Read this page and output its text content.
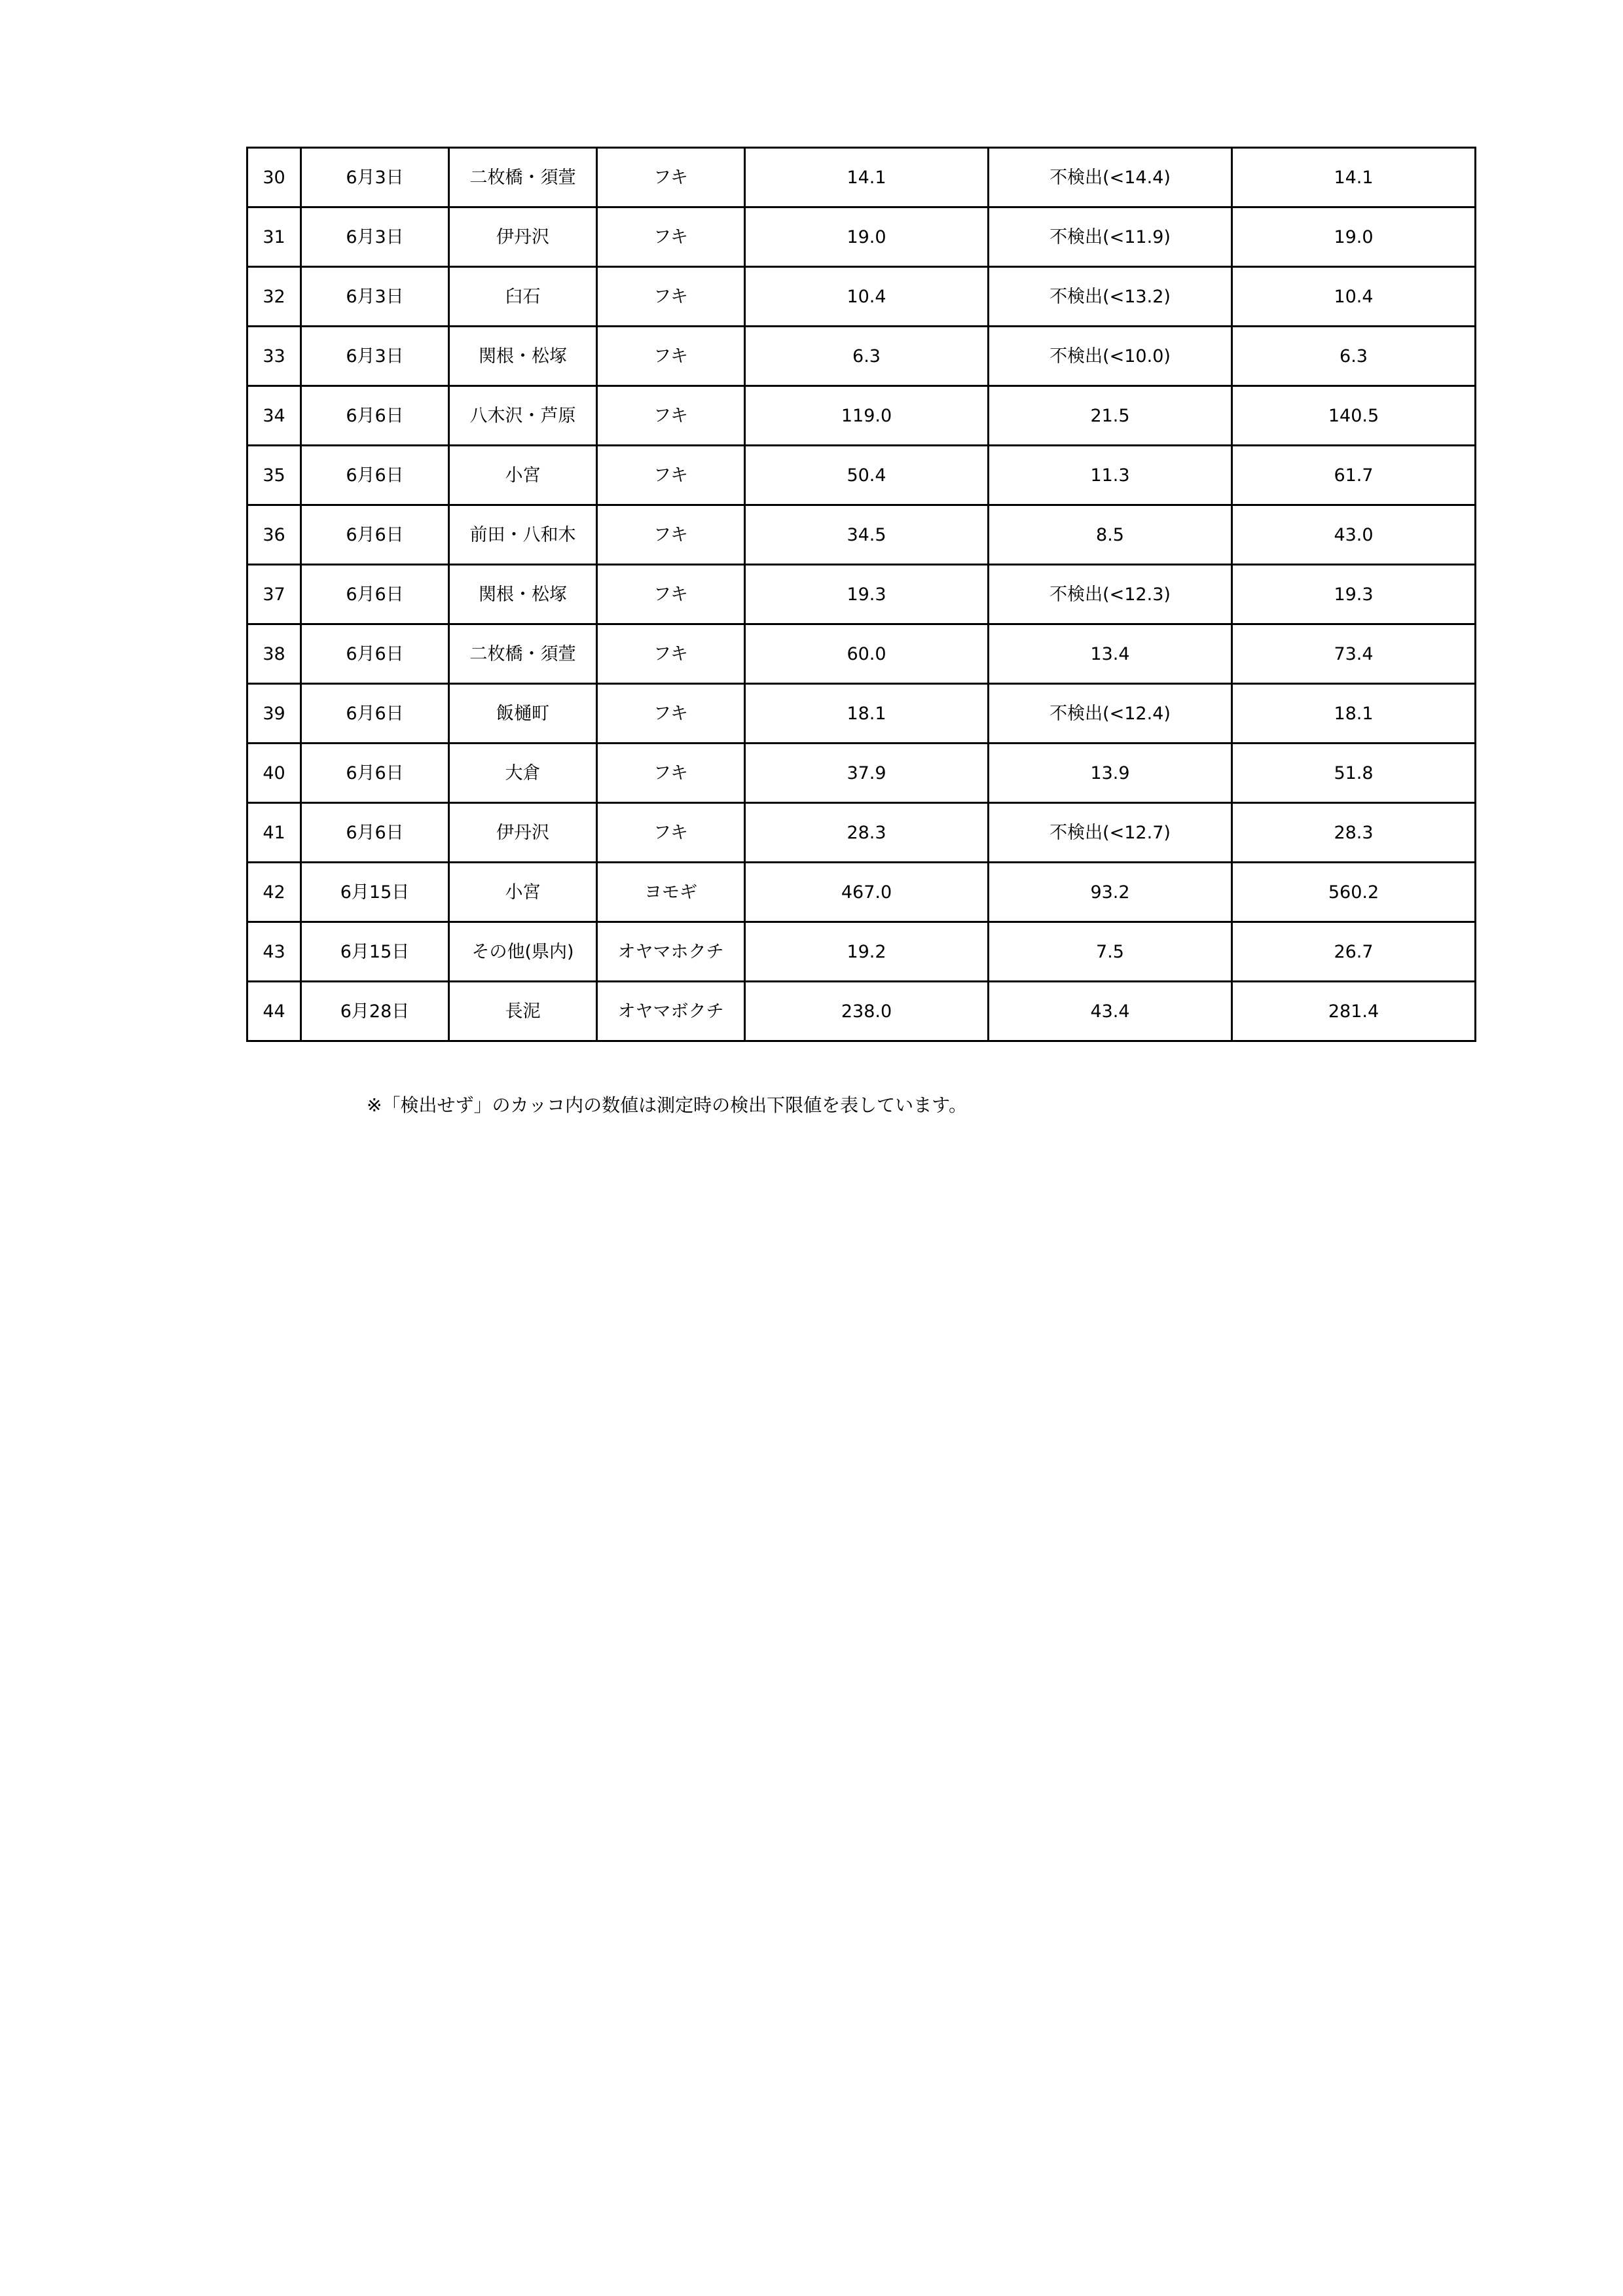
30	6月3日	二枚橋・須萱	フキ	14.1	不検出(<14.4)	14.1
31	6月3日	伊丹沢	フキ	19.0	不検出(<11.9)	19.0
32	6月3日	臼石	フキ	10.4	不検出(<13.2)	10.4
33	6月3日	関根・松塚	フキ	6.3	不検出(<10.0)	6.3
34	6月6日	八木沢・芦原	フキ	119.0	21.5	140.5
35	6月6日	小宮	フキ	50.4	11.3	61.7
36	6月6日	前田・八和木	フキ	34.5	8.5	43.0
37	6月6日	関根・松塚	フキ	19.3	不検出(<12.3)	19.3
38	6月6日	二枚橋・須萱	フキ	60.0	13.4	73.4
39	6月6日	飯樋町	フキ	18.1	不検出(<12.4)	18.1
40	6月6日	大倉	フキ	37.9	13.9	51.8
41	6月6日	伊丹沢	フキ	28.3	不検出(<12.7)	28.3
42	6月15日	小宮	ヨモギ	467.0	93.2	560.2
43	6月15日	その他(県内)	オヤマホクチ	19.2	7.5	26.7
44	6月28日	長泥	オヤマボクチ	238.0	43.4	281.4
※「検出せず」のカッコ内の数値は測定時の検出下限値を表しています。
